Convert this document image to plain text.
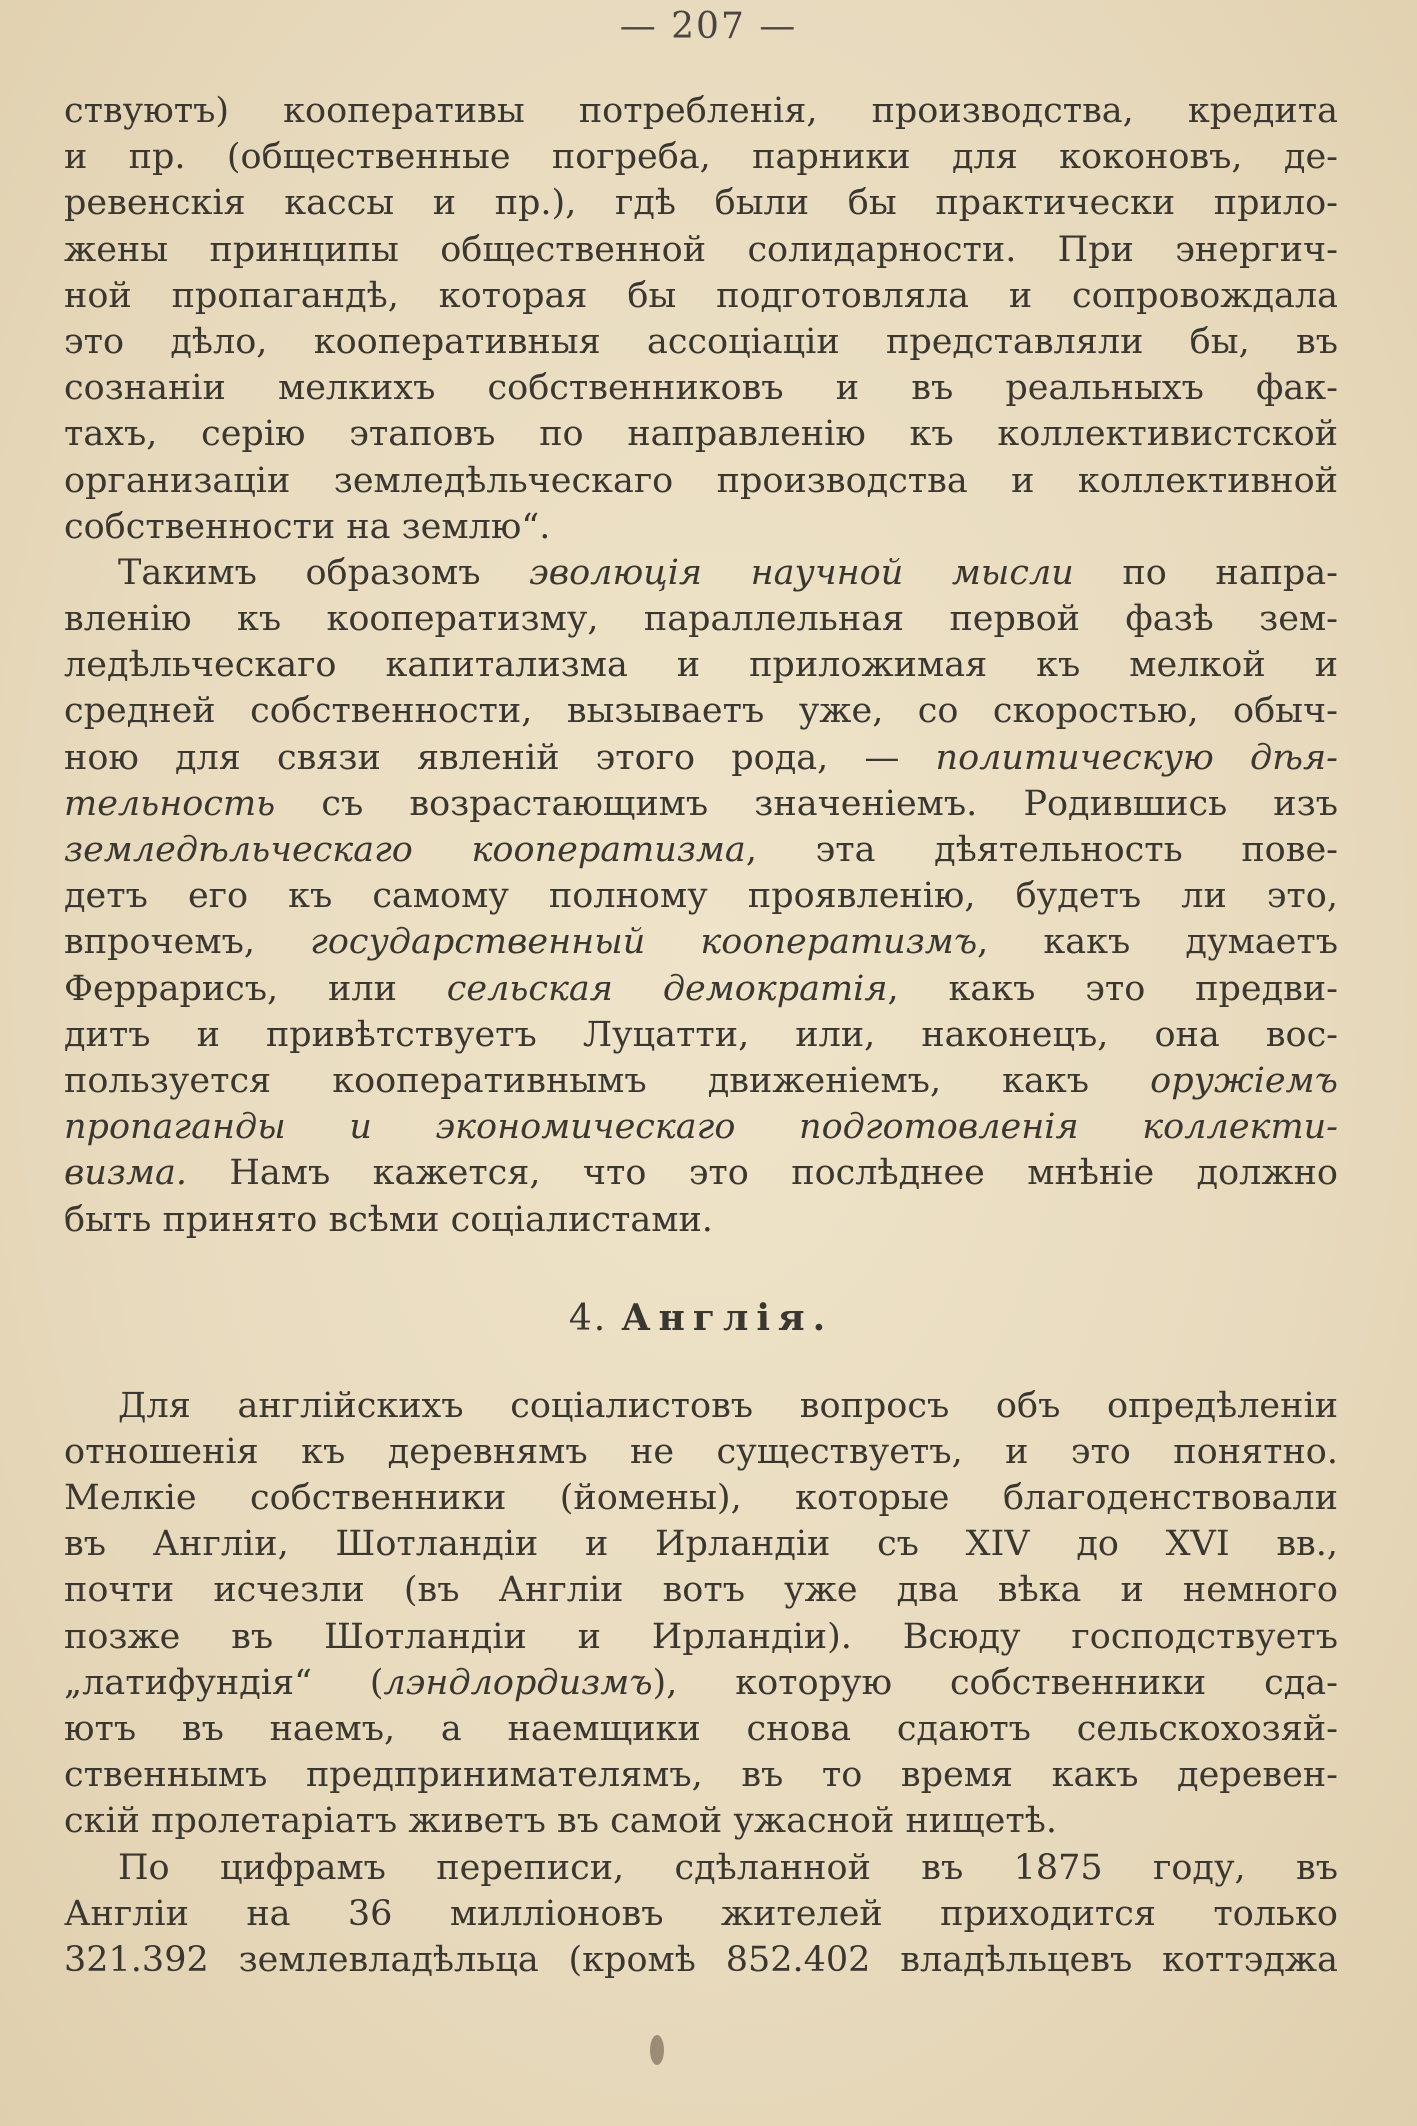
— 207 —
ствуютъ) кооперативы потребленія, производства, кредита
и пр. (общественные погреба, парники для коконовъ, де-
ревенскія кассы и пр.), гдѣ были бы практически прило-
жены принципы общественной солидарности. При энергич-
ной пропагандѣ, которая бы подготовляла и сопровождала
это дѣло, кооперативныя ассоціаціи представляли бы, въ
сознаніи мелкихъ собственниковъ и въ реальныхъ фак-
тахъ, серію этаповъ по направленію къ коллективистской
организаціи земледѣльческаго производства и коллективной
собственности на землю“.
Такимъ образомъ эволюція научной мысли по напра-
вленію къ кооператизму, параллельная первой фазѣ зем-
ледѣльческаго капитализма и приложимая къ мелкой и
средней собственности, вызываетъ уже, со скоростью, обыч-
ною для связи явленій этого рода, — политическую дѣя-
тельность съ возрастающимъ значеніемъ. Родившись изъ
земледѣльческаго кооператизма, эта дѣятельность пове-
детъ его къ самому полному проявленію, будетъ ли это,
впрочемъ, государственный кооператизмъ, какъ думаетъ
Феррарисъ, или сельская демократія, какъ это предви-
дитъ и привѣтствуетъ Луцатти, или, наконецъ, она вос-
пользуется кооперативнымъ движеніемъ, какъ оружіемъ
пропаганды и экономическаго подготовленія коллекти-
визма. Намъ кажется, что это послѣднее мнѣніе должно
быть принято всѣми соціалистами.
4. Англія.
Для англійскихъ соціалистовъ вопросъ объ опредѣленіи
отношенія къ деревнямъ не существуетъ, и это понятно.
Мелкіе собственники (йомены), которые благоденствовали
въ Англіи, Шотландіи и Ирландіи съ XIV до XVI вв.,
почти исчезли (въ Англіи вотъ уже два вѣка и немного
позже въ Шотландіи и Ирландіи). Всюду господствуетъ
„латифундія“ (лэндлордизмъ), которую собственники сда-
ютъ въ наемъ, а наемщики снова сдаютъ сельскохозяй-
ственнымъ предпринимателямъ, въ то время какъ деревен-
скій пролетаріатъ живетъ въ самой ужасной нищетѣ.
По цифрамъ переписи, сдѣланной въ 1875 году, въ
Англіи на 36 милліоновъ жителей приходится только
321.392 землевладѣльца (кромѣ 852.402 владѣльцевъ коттэджа
